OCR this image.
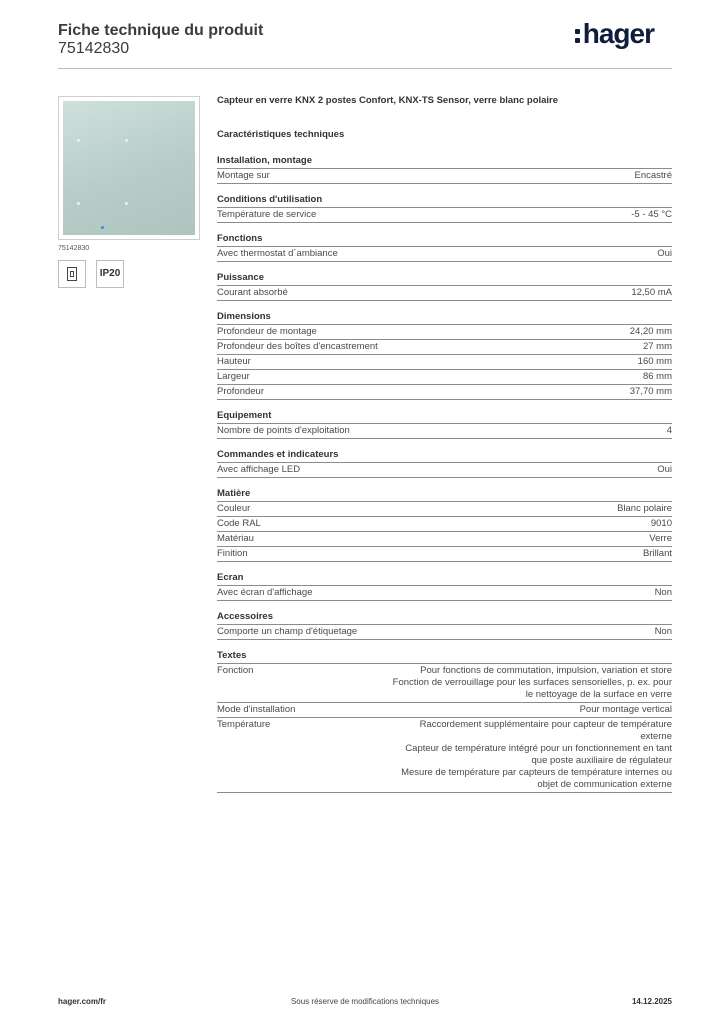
Fiche technique du produit
75142830	hager
75142830
IP20
Capteur en verre KNX 2 postes Confort, KNX-TS Sensor, verre blanc polaire
Caractéristiques techniques
Installation, montage
Montage sur	Encastré
Conditions d'utilisation
Température de service	-5 - 45 °C
Fonctions
Avec thermostat d´ambiance	Oui
Puissance
Courant absorbé	12,50 mA
Dimensions
Profondeur de montage	24,20 mm
Profondeur des boîtes d'encastrement	27 mm
Hauteur	160 mm
Largeur	86 mm
Profondeur	37,70 mm
Equipement
Nombre de points d'exploitation	4
Commandes et indicateurs
Avec affichage LED	Oui
Matière
Couleur	Blanc polaire
Code RAL	9010
Matériau	Verre
Finition	Brillant
Ecran
Avec écran d'affichage	Non
Accessoires
Comporte un champ d'étiquetage	Non
Textes
Fonction	Pour fonctions de commutation, impulsion, variation et store
Fonction de verrouillage pour les surfaces sensorielles, p. ex. pour
le nettoyage de la surface en verre
Mode d'installation	Pour montage vertical
Température	Raccordement supplémentaire pour capteur de température
externe
Capteur de température intégré pour un fonctionnement en tant
que poste auxiliaire de régulateur
Mesure de température par capteurs de température internes ou
objet de communication externe
hager.com/fr	Sous réserve de modifications techniques	14.12.2025
